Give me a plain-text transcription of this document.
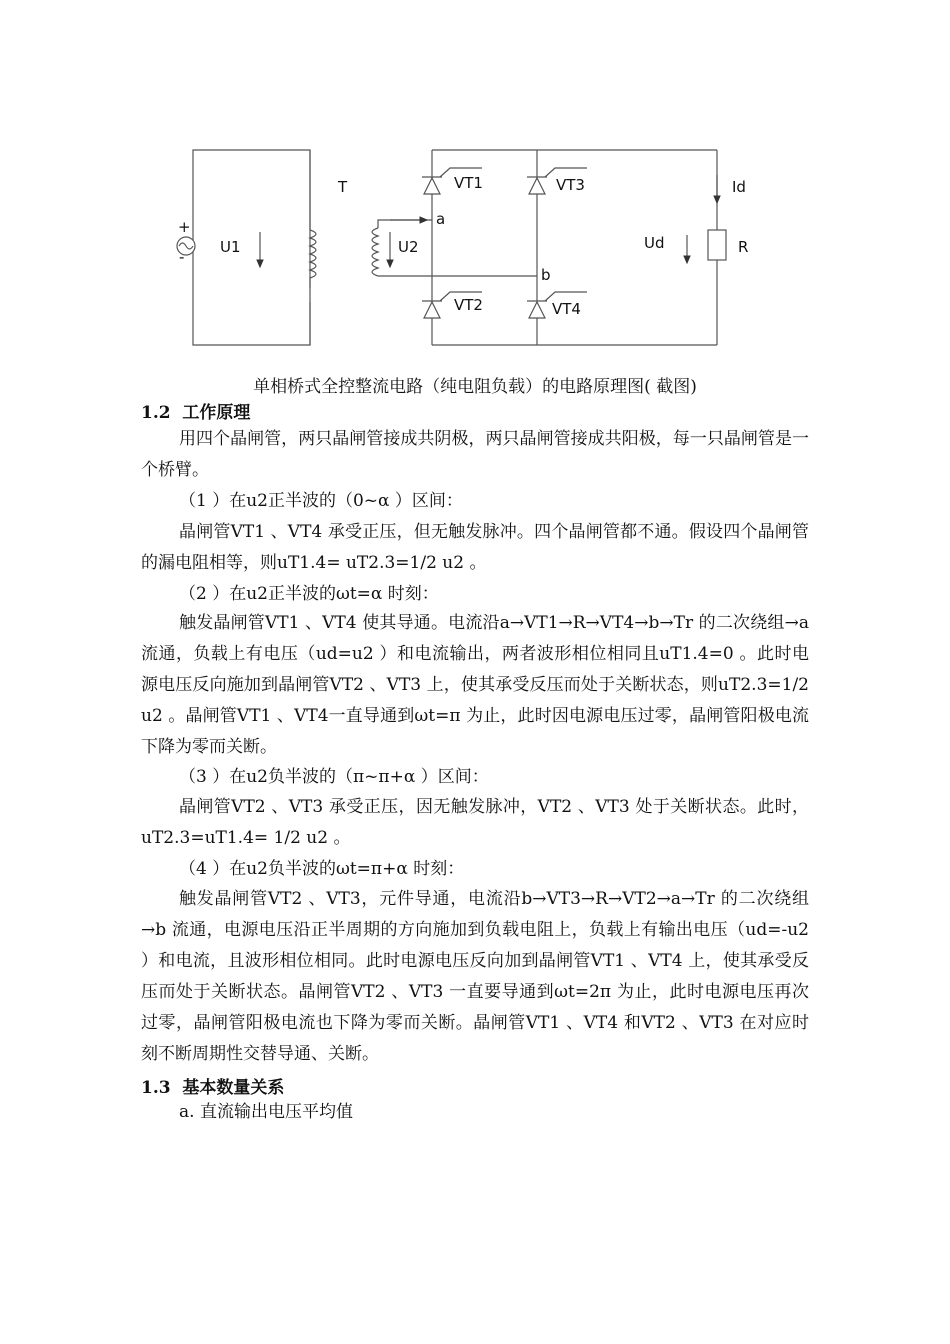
+
-
U1
T
U2
a
b
VT1	VT3
VT2	VT4
Id
R
Ud
单相桥式全控整流电路（纯电阻负载）的电路原理图( 截图)
1.2 工作原理
用四个晶闸管，两只晶闸管接成共阴极，两只晶闸管接成共阳极，每一只晶闸管是一个桥臂。
（1 ）在u2正半波的（0~α ）区间：
晶闸管VT1 、VT4 承受正压，但无触发脉冲。四个晶闸管都不通。假设四个晶闸管的漏电阻相等，则uT1.4= uT2.3=1/2 u2 。
（2 ）在u2正半波的ωt=α 时刻：
触发晶闸管VT1 、VT4 使其导通。电流沿a→VT1→R→VT4→b→Tr 的二次绕组→a 流通，负载上有电压（ud=u2 ）和电流输出，两者波形相位相同且uT1.4=0 。此时电源电压反向施加到晶闸管VT2 、VT3 上，使其承受反压而处于关断状态，则uT2.3=1/2 u2 。晶闸管VT1 、VT4一直导通到ωt=π 为止，此时因电源电压过零，晶闸管阳极电流下降为零而关断。
（3 ）在u2负半波的（π~π+α ）区间：
晶闸管VT2 、VT3 承受正压，因无触发脉冲，VT2 、VT3 处于关断状态。此时，uT2.3=uT1.4= 1/2 u2 。
（4 ）在u2负半波的ωt=π+α 时刻：
触发晶闸管VT2 、VT3，元件导通，电流沿b→VT3→R→VT2→a→Tr 的二次绕组→b 流通，电源电压沿正半周期的方向施加到负载电阻上，负载上有输出电压（ud=-u2 ）和电流，且波形相位相同。此时电源电压反向加到晶闸管VT1 、VT4 上，使其承受反压而处于关断状态。晶闸管VT2 、VT3 一直要导通到ωt=2π 为止，此时电源电压再次过零，晶闸管阳极电流也下降为零而关断。晶闸管VT1 、VT4 和VT2 、VT3 在对应时刻不断周期性交替导通、关断。
1.3 基本数量关系
a. 直流输出电压平均值
